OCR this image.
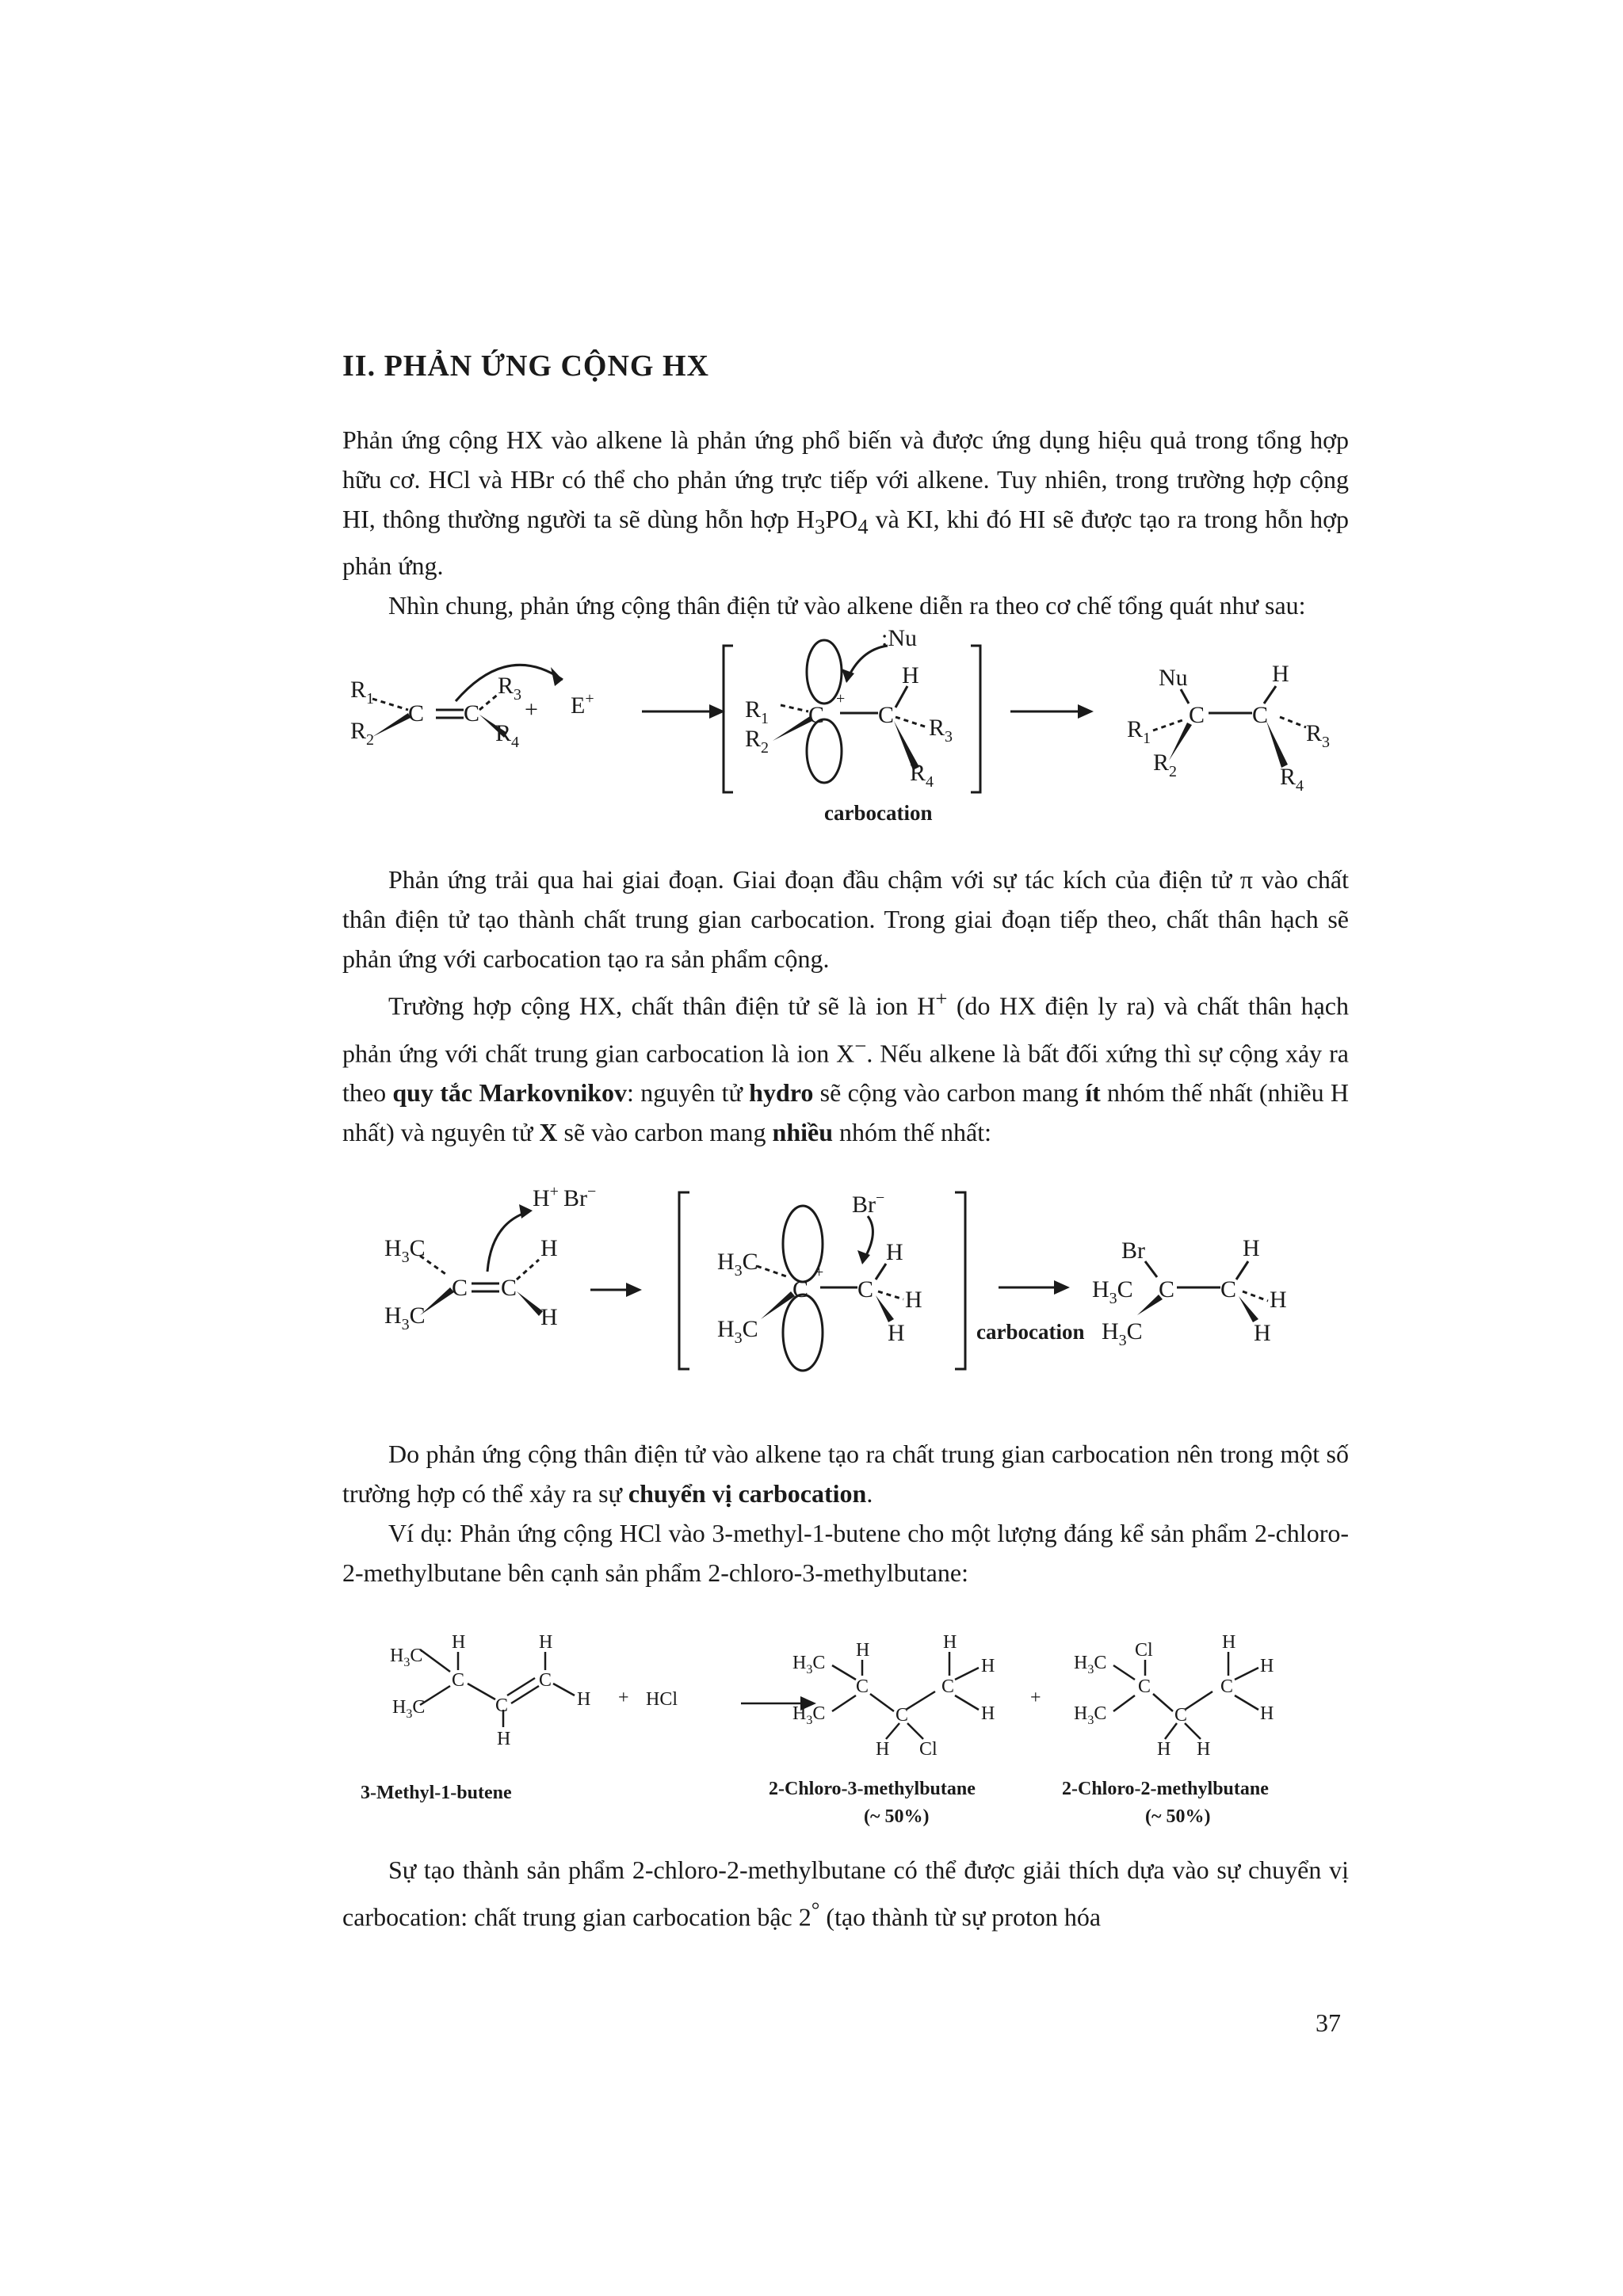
II. PHẢN ỨNG CỘNG HX

Phản ứng cộng HX vào alkene là phản ứng phổ biến và được ứng dụng hiệu quả trong tổng hợp hữu cơ. HCl và HBr có thể cho phản ứng trực tiếp với alkene. Tuy nhiên, trong trường hợp cộng HI, thông thường người ta sẽ dùng hỗn hợp $H_3PO_4$ và KI, khi đó HI sẽ được tạo ra trong hỗn hợp phản ứng.

Nhìn chung, phản ứng cộng thân điện tử vào alkene diễn ra theo cơ chế tổng quát như sau:

$R_1$
$R_2$
C C
$R_3$
$R_4$
+ E+
:Nu
H
+
$R_1$
$R_2$
C C $R_3$
$R_4$
carbocation
Nu	H
$R_1$
$R_2$
C C
$R_3$
$R_4$

Phản ứng trải qua hai giai đoạn. Giai đoạn đầu chậm với sự tác kích của điện tử π vào chất thân điện tử tạo thành chất trung gian carbocation. Trong giai đoạn tiếp theo, chất thân hạch sẽ phản ứng với carbocation tạo ra sản phẩm cộng.

Trường hợp cộng HX, chất thân điện tử sẽ là ion H+ (do HX điện ly ra) và chất thân hạch phản ứng với chất trung gian carbocation là ion X−. Nếu alkene là bất đối xứng thì sự cộng xảy ra theo quy tắc Markovnikov: nguyên tử hydro sẽ cộng vào carbon mang ít nhóm thế nhất (nhiều H nhất) và nguyên tử X sẽ vào carbon mang nhiều nhóm thế nhất:

$H_3C$
$H_3C$
C C
H
H
H+ Br−	Br−
$H_3C$
$H_3C$
C
+
C
H
H
H	carbocation
Br
$H_3C$
$H_3C$
C C
H
H
H

Do phản ứng cộng thân điện tử vào alkene tạo ra chất trung gian carbocation nên trong một số trường hợp có thể xảy ra sự chuyển vị carbocation.

Ví dụ: Phản ứng cộng HCl vào 3-methyl-1-butene cho một lượng đáng kể sản phẩm 2-chloro-2-methylbutane bên cạnh sản phẩm 2-chloro-3-methylbutane:

H	H
$H_3C$
$H_3C$
C
C
C
H
H
+ HCl
H	H
$H_3C$
$H_3C$
C
C
C
H
H
H Cl
+
Cl	H
$H_3C$
$H_3C$
C
C
C
H
H
H H
3-Methyl-1-butene	2-Chloro-3-methylbutane
(~ 50%)
2-Chloro-2-methylbutane
(~ 50%)

Sự tạo thành sản phẩm 2-chloro-2-methylbutane có thể được giải thích dựa vào sự chuyển vị carbocation: chất trung gian carbocation bậc 2° (tạo thành từ sự proton hóa

37
